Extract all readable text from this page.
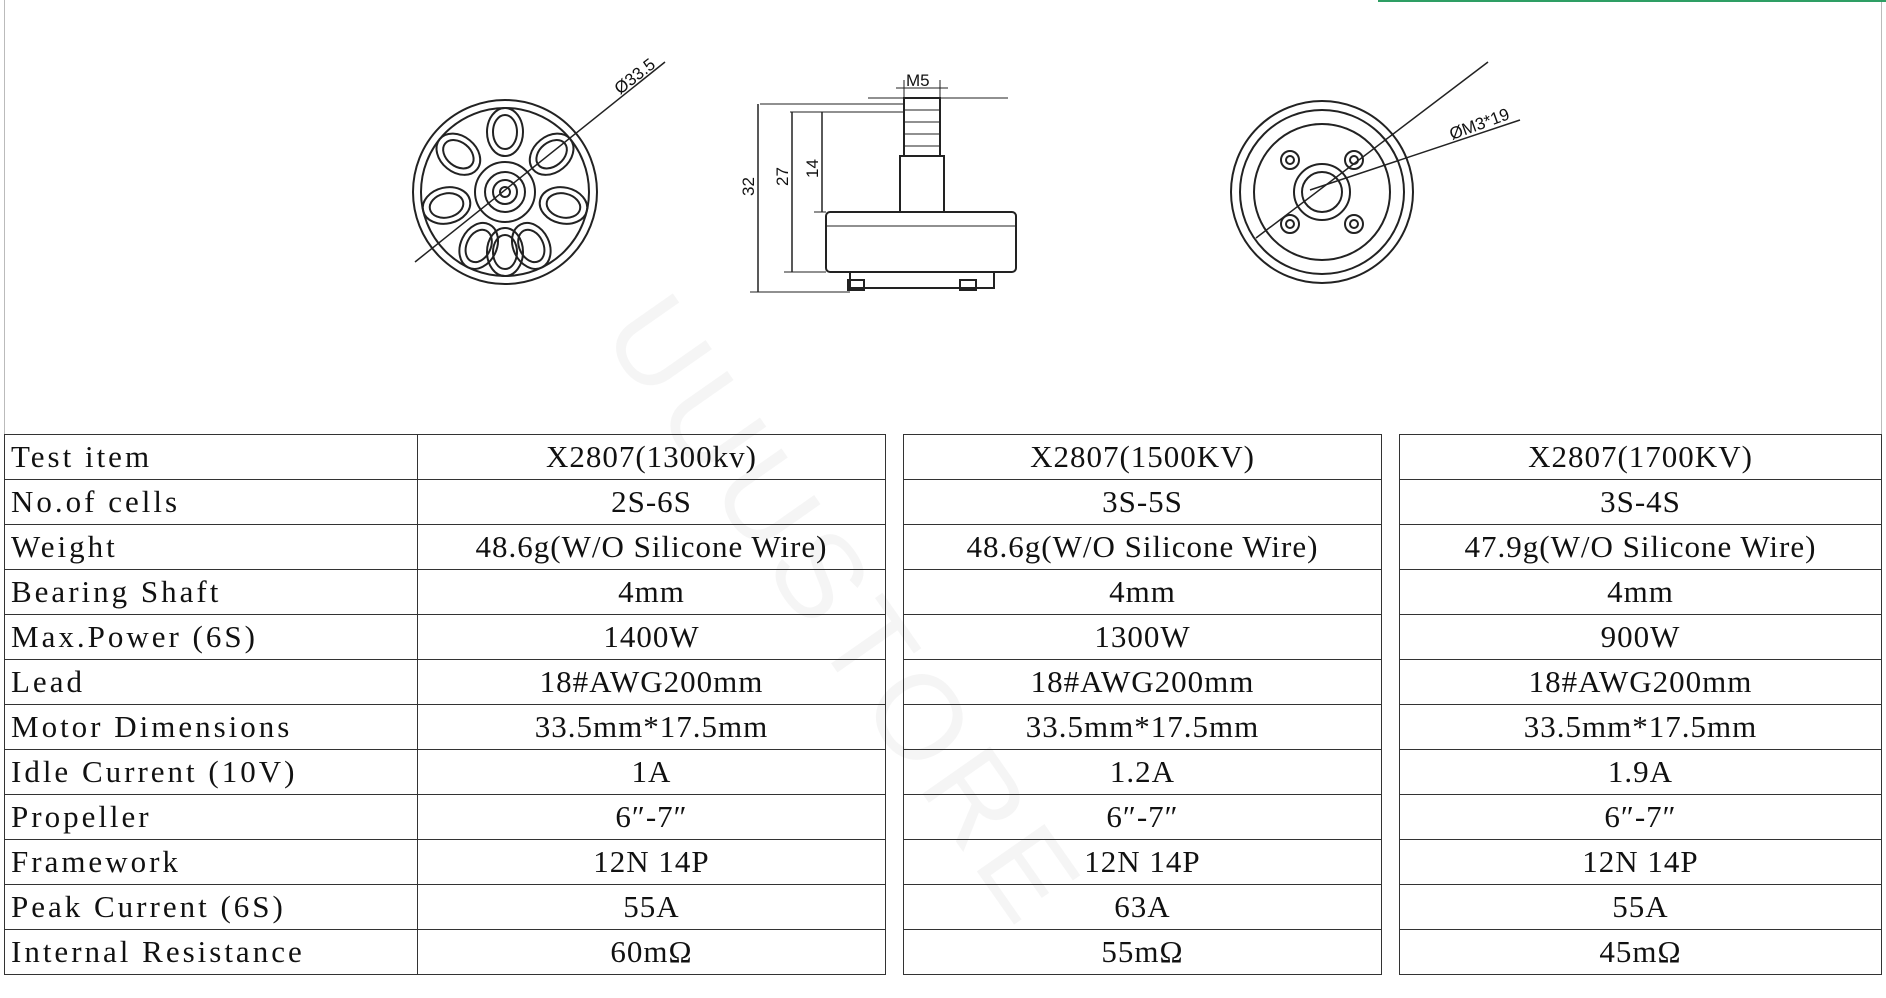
Ø33.5	M5
32
27 14
ØM3*19
Test item	X2807(1300kv)		X2807(1500KV)		X2807(1700KV)
No.of cells	2S-6S		3S-5S		3S-4S
Weight	48.6g(W/O Silicone Wire)		48.6g(W/O Silicone Wire)		47.9g(W/O Silicone Wire)
Bearing Shaft	4mm		4mm		4mm
Max.Power (6S)	1400W		1300W		900W
Lead	18#AWG200mm		18#AWG200mm		18#AWG200mm
Motor Dimensions	33.5mm*17.5mm		33.5mm*17.5mm		33.5mm*17.5mm
Idle Current (10V)	1A		1.2A		1.9A
Propeller	6″-7″		6″-7″		6″-7″
Framework	12N 14P		12N 14P		12N 14P
Peak Current (6S)	55A		63A		55A
Internal Resistance	60mΩ		55mΩ		45mΩ
